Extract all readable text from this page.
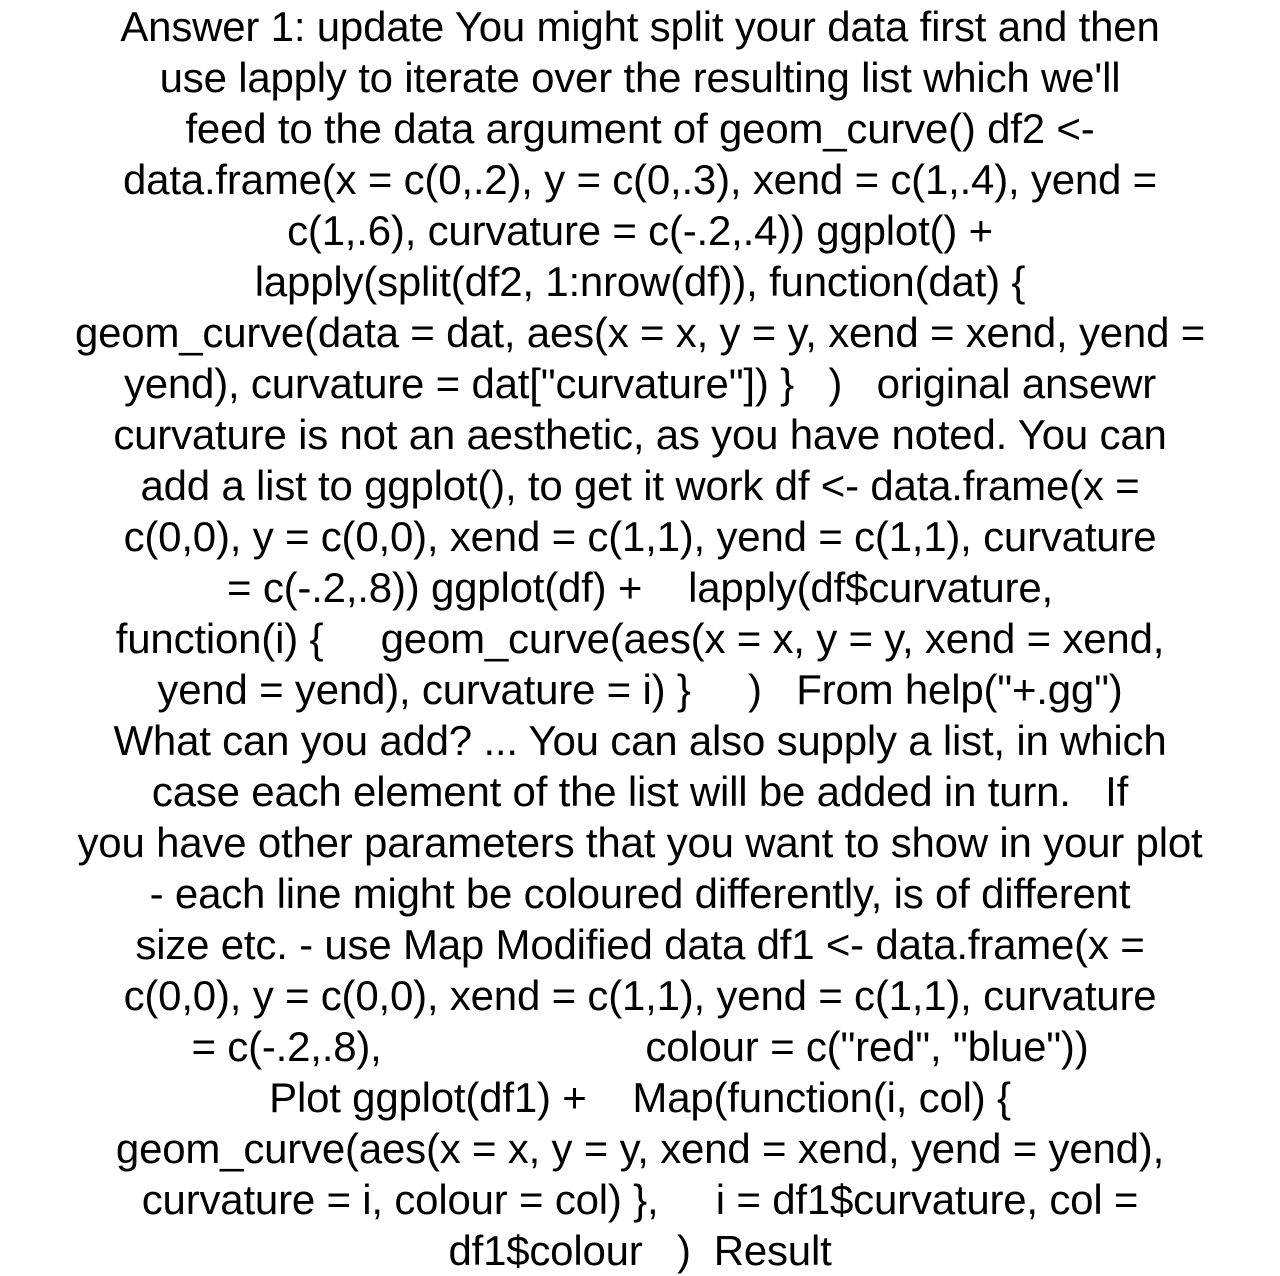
Answer 1: update You might split your data first and then
use lapply to iterate over the resulting list which we'll
feed to the data argument of geom_curve() df2 <-
data.frame(x = c(0,.2), y = c(0,.3), xend = c(1,.4), yend =
c(1,.6), curvature = c(-.2,.4)) ggplot() +
lapply(split(df2, 1:nrow(df)), function(dat) {
geom_curve(data = dat, aes(x = x, y = y, xend = xend, yend =
yend), curvature = dat["curvature"]) }   )   original ansewr
curvature is not an aesthetic, as you have noted. You can
add a list to ggplot(), to get it work df <- data.frame(x =
c(0,0), y = c(0,0), xend = c(1,1), yend = c(1,1), curvature
= c(-.2,.8)) ggplot(df) +    lapply(df$curvature,
function(i) {     geom_curve(aes(x = x, y = y, xend = xend,
yend = yend), curvature = i) }     )   From help("+.gg")
What can you add? ... You can also supply a list, in which
case each element of the list will be added in turn.   If
you have other parameters that you want to show in your plot
- each line might be coloured differently, is of different
size etc. - use Map Modified data df1 <- data.frame(x =
c(0,0), y = c(0,0), xend = c(1,1), yend = c(1,1), curvature
= c(-.2,.8),                       colour = c("red", "blue"))
Plot ggplot(df1) +    Map(function(i, col) {
geom_curve(aes(x = x, y = y, xend = xend, yend = yend),
curvature = i, colour = col) },     i = df1$curvature, col =
df1$colour   )  Result
